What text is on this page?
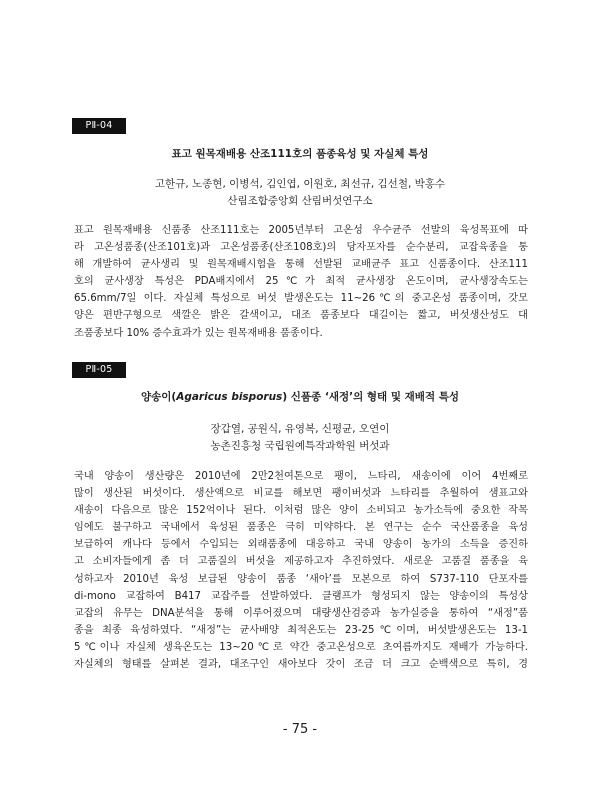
PⅡ-04
표고 원목재배용 산조111호의 품종육성 및 자실체 특성
고한규, 노종현, 이병석, 김인엽, 이원호, 최선규, 김선철, 박홍수
산림조합중앙회 산림버섯연구소
표고 원목재배용 신품종 산조111호는 2005년부터 고온성 우수균주 선발의 육성목표에 따
라 고온성품종(산조101호)과 고온성품종(산조108호)의 당자포자를 순수분리, 교잡육종을 통
해 개발하여 균사생리 및 원목재배시험을 통해 선발된 교배균주 표고 신품종이다. 산조111
호의 균사생장 특성은 PDA배지에서 25℃가 최적 균사생장 온도이며, 균사생장속도는
65.6mm/7일 이다. 자실체 특성으로 버섯 발생온도는 11~26℃의 중고온성 품종이며, 갓모
양은 편반구형으로 색깔은 밝은 갈색이고, 대조 품종보다 대길이는 짧고, 버섯생산성도 대
조품종보다 10% 증수효과가 있는 원목재배용 품종이다.
PⅡ-05
양송이(Agaricus bisporus) 신품종 ‘새정’의 형태 및 재배적 특성
장갑열, 공원식, 유영복, 신평균, 오연이
농촌진흥청 국립원예특작과학원 버섯과
국내 양송이 생산량은 2010년에 2만2천여톤으로 팽이, 느타리, 새송이에 이어 4번째로
많이 생산된 버섯이다. 생산액으로 비교를 해보면 팽이버섯과 느타리를 추월하여 샘표고와
새송이 다음으로 많은 152억이나 된다. 이처럼 많은 양이 소비되고 농가소득에 중요한 작목
임에도 불구하고 국내에서 육성된 품종은 극히 미약하다. 본 연구는 순수 국산품종을 육성
보급하여 캐나다 등에서 수입되는 외래품종에 대응하고 국내 양송이 농가의 소득을 증진하
고 소비자들에게 좀 더 고품질의 버섯을 제공하고자 추진하였다. 새로운 고품질 품종을 육
성하고자 2010년 육성 보급된 양송이 품종 ‘새아’를 모본으로 하여 S737-110 단포자를
di-mono 교잡하여 B417 교잡주를 선발하였다. 클램프가 형성되지 않는 양송이의 특성상
교잡의 유무는 DNA분석을 통해 이루어졌으며 대량생산검증과 농가실증을 통하여 “새정”품
종을 최종 육성하였다. “새정”는 균사배양 최적온도는 23-25℃이며, 버섯발생온도는 13-1
5℃이나 자실체 생육온도는 13~20℃로 약간 중고온성으로 초여름까지도 재배가 가능하다.
자실체의 형태를 살펴본 결과, 대조구인 새아보다 갓이 조금 더 크고 순백색으로 특히, 경
- 75 -
